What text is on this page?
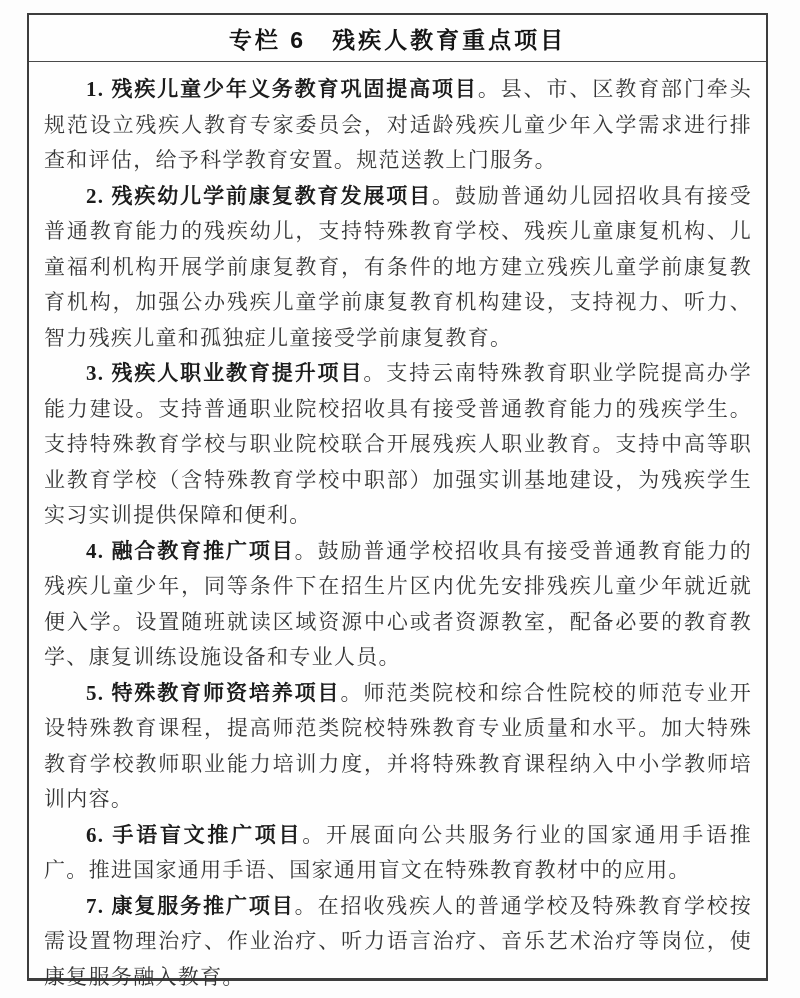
专栏 6　残疾人教育重点项目

1. 残疾儿童少年义务教育巩固提高项目。县、市、区教育部门牵头规范设立残疾人教育专家委员会，对适龄残疾儿童少年入学需求进行排查和评估，给予科学教育安置。规范送教上门服务。

2. 残疾幼儿学前康复教育发展项目。鼓励普通幼儿园招收具有接受普通教育能力的残疾幼儿，支持特殊教育学校、残疾儿童康复机构、儿童福利机构开展学前康复教育，有条件的地方建立残疾儿童学前康复教育机构，加强公办残疾儿童学前康复教育机构建设，支持视力、听力、智力残疾儿童和孤独症儿童接受学前康复教育。

3. 残疾人职业教育提升项目。支持云南特殊教育职业学院提高办学能力建设。支持普通职业院校招收具有接受普通教育能力的残疾学生。支持特殊教育学校与职业院校联合开展残疾人职业教育。支持中高等职业教育学校（含特殊教育学校中职部）加强实训基地建设，为残疾学生实习实训提供保障和便利。

4. 融合教育推广项目。鼓励普通学校招收具有接受普通教育能力的残疾儿童少年，同等条件下在招生片区内优先安排残疾儿童少年就近就便入学。设置随班就读区域资源中心或者资源教室，配备必要的教育教学、康复训练设施设备和专业人员。

5. 特殊教育师资培养项目。师范类院校和综合性院校的师范专业开设特殊教育课程，提高师范类院校特殊教育专业质量和水平。加大特殊教育学校教师职业能力培训力度，并将特殊教育课程纳入中小学教师培训内容。

6. 手语盲文推广项目。开展面向公共服务行业的国家通用手语推广。推进国家通用手语、国家通用盲文在特殊教育教材中的应用。

7. 康复服务推广项目。在招收残疾人的普通学校及特殊教育学校按需设置物理治疗、作业治疗、听力语言治疗、音乐艺术治疗等岗位，使康复服务融入教育。
